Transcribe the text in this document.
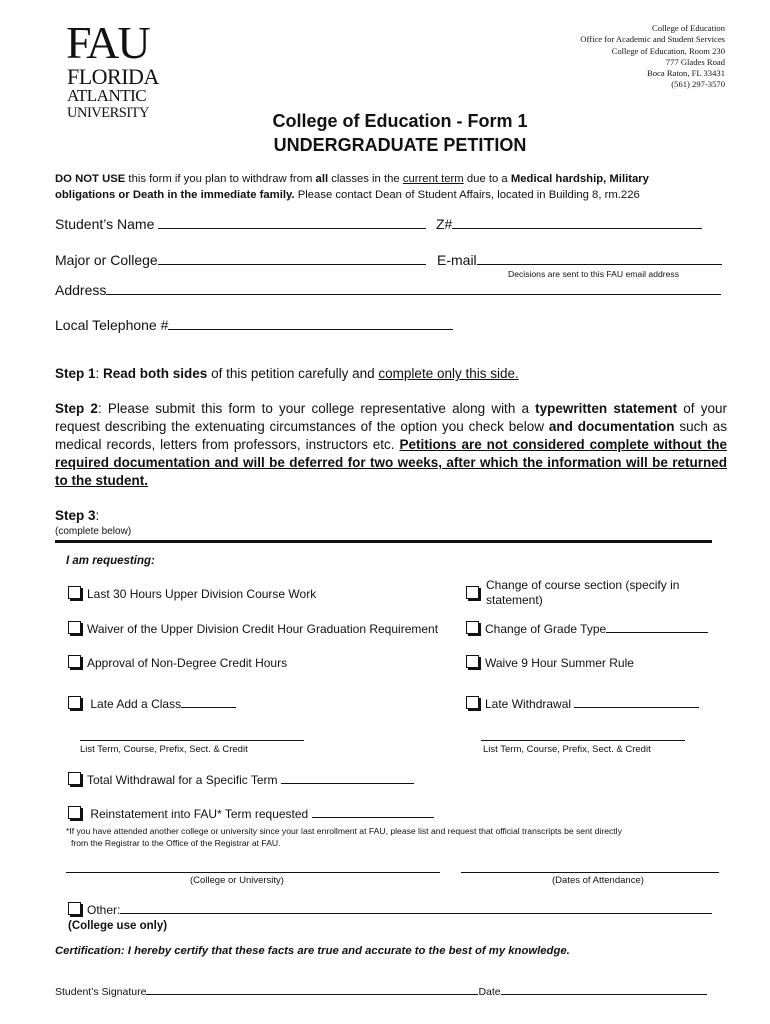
FAU
FLORIDA
ATLANTIC
UNIVERSITY
College of Education
Office for Academic and Student Services
College of Education, Room 230
777 Glades Road
Boca Raton, FL 33431
(561) 297-3570
College of Education - Form 1
UNDERGRADUATE PETITION
DO NOT USE this form if you plan to withdraw from all classes in the current term due to a Medical hardship, Military
obligations or Death in the immediate family. Please contact Dean of Student Affairs, located in Building 8, rm.226
Student’s Name	Z#
Major or College	E-mail
Decisions are sent to this FAU email address
Address
Local Telephone #
Step 1: Read both sides of this petition carefully and complete only this side.
Step 2: Please submit this form to your college representative along with a typewritten statement of your request describing the extenuating circumstances of the option you check below and documentation such as medical records, letters from professors, instructors etc. Petitions are not considered complete without the required documentation and will be deferred for two weeks, after which the information will be returned to the student.
Step 3:
(complete below)
I am requesting:
Last 30 Hours Upper Division Course Work
Change of course section (specify in
statement)
Waiver of the Upper Division Credit Hour Graduation Requirement	Change of Grade Type
Approval of Non-Degree Credit Hours	Waive 9 Hour Summer Rule
Late Add a Class	Late Withdrawal
List Term, Course, Prefix, Sect. & Credit	List Term, Course, Prefix, Sect. & Credit
Total Withdrawal for a Specific Term
Reinstatement into FAU* Term requested
*If you have attended another college or university since your last enrollment at FAU, please list and request that official transcripts be sent directly
from the Registrar to the Office of the Registrar at FAU.
(College or University)	(Dates of Attendance)
Other:
(College use only)
Certification: I hereby certify that these facts are true and accurate to the best of my knowledge.
Student’s Signature	Date
